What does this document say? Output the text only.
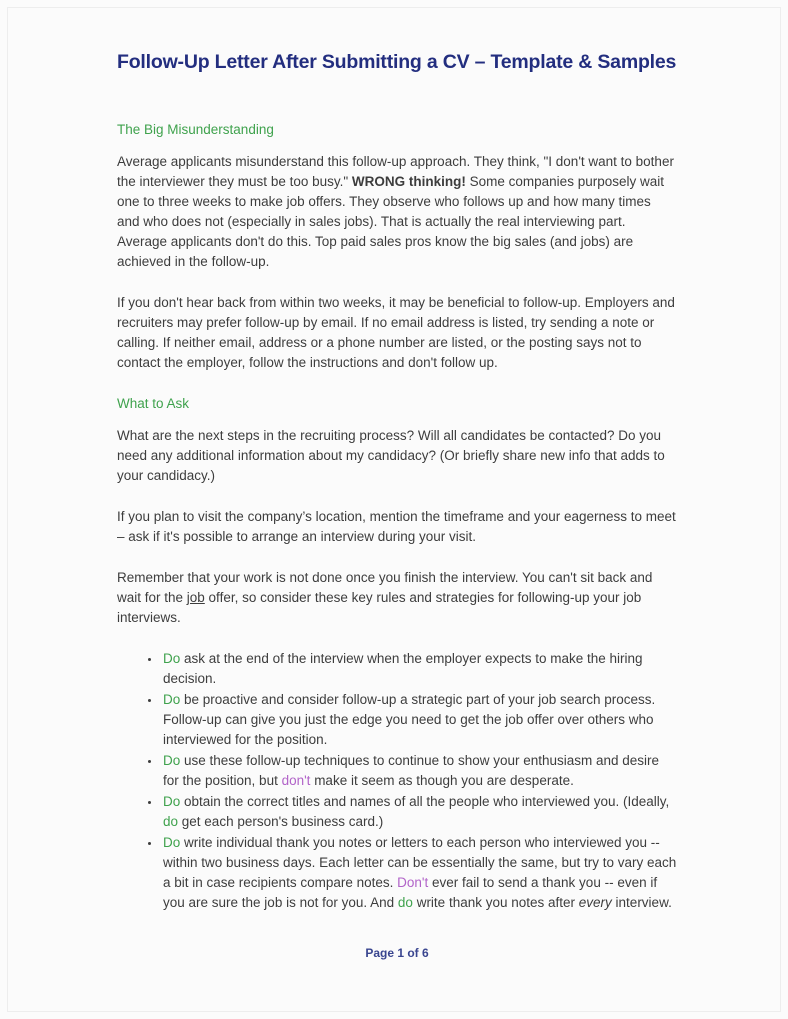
Follow-Up Letter After Submitting a CV – Template & Samples
The Big Misunderstanding

Average applicants misunderstand this follow-up approach. They think, "I don't want to bother the interviewer they must be too busy." WRONG thinking! Some companies purposely wait one to three weeks to make job offers. They observe who follows up and how many times and who does not (especially in sales jobs). That is actually the real interviewing part. Average applicants don't do this. Top paid sales pros know the big sales (and jobs) are achieved in the follow-up.

If you don't hear back from within two weeks, it may be beneficial to follow-up. Employers and recruiters may prefer follow-up by email. If no email address is listed, try sending a note or calling. If neither email, address or a phone number are listed, or the posting says not to contact the employer, follow the instructions and don't follow up.

What to Ask

What are the next steps in the recruiting process? Will all candidates be contacted? Do you need any additional information about my candidacy? (Or briefly share new info that adds to your candidacy.)

If you plan to visit the company’s location, mention the timeframe and your eagerness to meet – ask if it's possible to arrange an interview during your visit.

Remember that your work is not done once you finish the interview. You can't sit back and wait for the job offer, so consider these key rules and strategies for following-up your job interviews.

• Do ask at the end of the interview when the employer expects to make the hiring decision.
• Do be proactive and consider follow-up a strategic part of your job search process. Follow-up can give you just the edge you need to get the job offer over others who interviewed for the position.
• Do use these follow-up techniques to continue to show your enthusiasm and desire for the position, but don't make it seem as though you are desperate.
• Do obtain the correct titles and names of all the people who interviewed you. (Ideally, do get each person's business card.)
• Do write individual thank you notes or letters to each person who interviewed you -- within two business days. Each letter can be essentially the same, but try to vary each a bit in case recipients compare notes. Don't ever fail to send a thank you -- even if you are sure the job is not for you. And do write thank you notes after every interview.
Page 1 of 6
